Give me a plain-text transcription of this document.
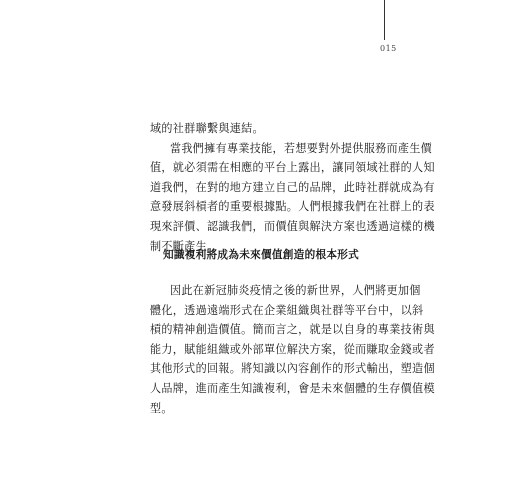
015
域的社群聯繫與連結。
當我們擁有專業技能，若想要對外提供服務而產生價
值，就必須需在相應的平台上露出，讓同領域社群的人知
道我們，在對的地方建立自己的品牌，此時社群就成為有
意發展斜槓者的重要根據點。人們根據我們在社群上的表
現來評價、認識我們，而價值與解決方案也透過這樣的機
制不斷產生。
知識複利將成為未來價值創造的根本形式
因此在新冠肺炎疫情之後的新世界，人們將更加個
體化，透過遠端形式在企業組織與社群等平台中，以斜
槓的精神創造價值。簡而言之，就是以自身的專業技術與
能力，賦能組織或外部單位解決方案，從而賺取金錢或者
其他形式的回報。將知識以內容創作的形式輸出，塑造個
人品牌，進而產生知識複利，會是未來個體的生存價值模
型。
